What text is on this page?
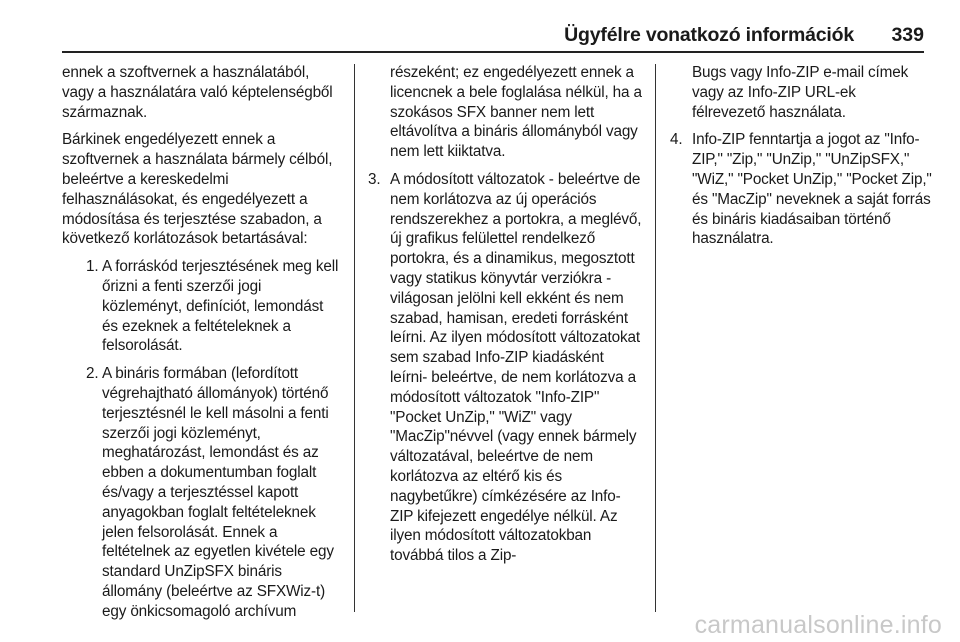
Ügyfélre vonatkozó információk 339

ennek a szoftvernek a használatából, vagy a használatára való képtelenségből származnak.

Bárkinek engedélyezett ennek a szoftvernek a használata bármely célból, beleértve a kereskedelmi felhasználásokat, és engedélyezett a módosítása és terjesztése szabadon, a következő korlátozások betartásával:

1. A forráskód terjesztésének meg kell őrizni a fenti szerzői jogi közleményt, definíciót, lemondást és ezeknek a feltételeknek a felsorolását.
2. A bináris formában (lefordított végrehajtható állományok) történő terjesztésnél le kell másolni a fenti szerzői jogi közleményt, meghatározást, lemondást és az ebben a dokumentumban foglalt és/vagy a terjesztéssel kapott anyagokban foglalt feltételeknek jelen felsorolását. Ennek a feltételnek az egyetlen kivétele egy standard UnZipSFX bináris állomány (beleértve az SFXWiz-t) egy önkicsomagoló archívum

részeként; ez engedélyezett ennek a licencnek a bele foglalása nélkül, ha a szokásos SFX banner nem lett eltávolítva a bináris állományból vagy nem lett kiiktatva.

3. A módosított változatok - beleértve de nem korlátozva az új operációs rendszerekhez a portokra, a meglévő, új grafikus felülettel rendelkező portokra, és a dinamikus, megosztott vagy statikus könyvtár verziókra - világosan jelölni kell ekként és nem szabad, hamisan, eredeti forrásként leírni. Az ilyen módosított változatokat sem szabad Info-ZIP kiadásként leírni- beleértve, de nem korlátozva a módosított változatok "Info-ZIP" "Pocket UnZip," "WiZ" vagy "MacZip"névvel (vagy ennek bármely változatával, beleértve de nem korlátozva az eltérő kis és nagybetűkre) címkézésére az Info-ZIP kifejezett engedélye nélkül. Az ilyen módosított változatokban továbbá tilos a Zip-

Bugs vagy Info-ZIP e-mail címek vagy az Info-ZIP URL-ek félrevezető használata.

4. Info-ZIP fenntartja a jogot az "Info-ZIP," "Zip," "UnZip," "UnZipSFX," "WiZ," "Pocket UnZip," "Pocket Zip," és "MacZip" neveknek a saját forrás és bináris kiadásaiban történő használatra.
carmanualsonline.info
